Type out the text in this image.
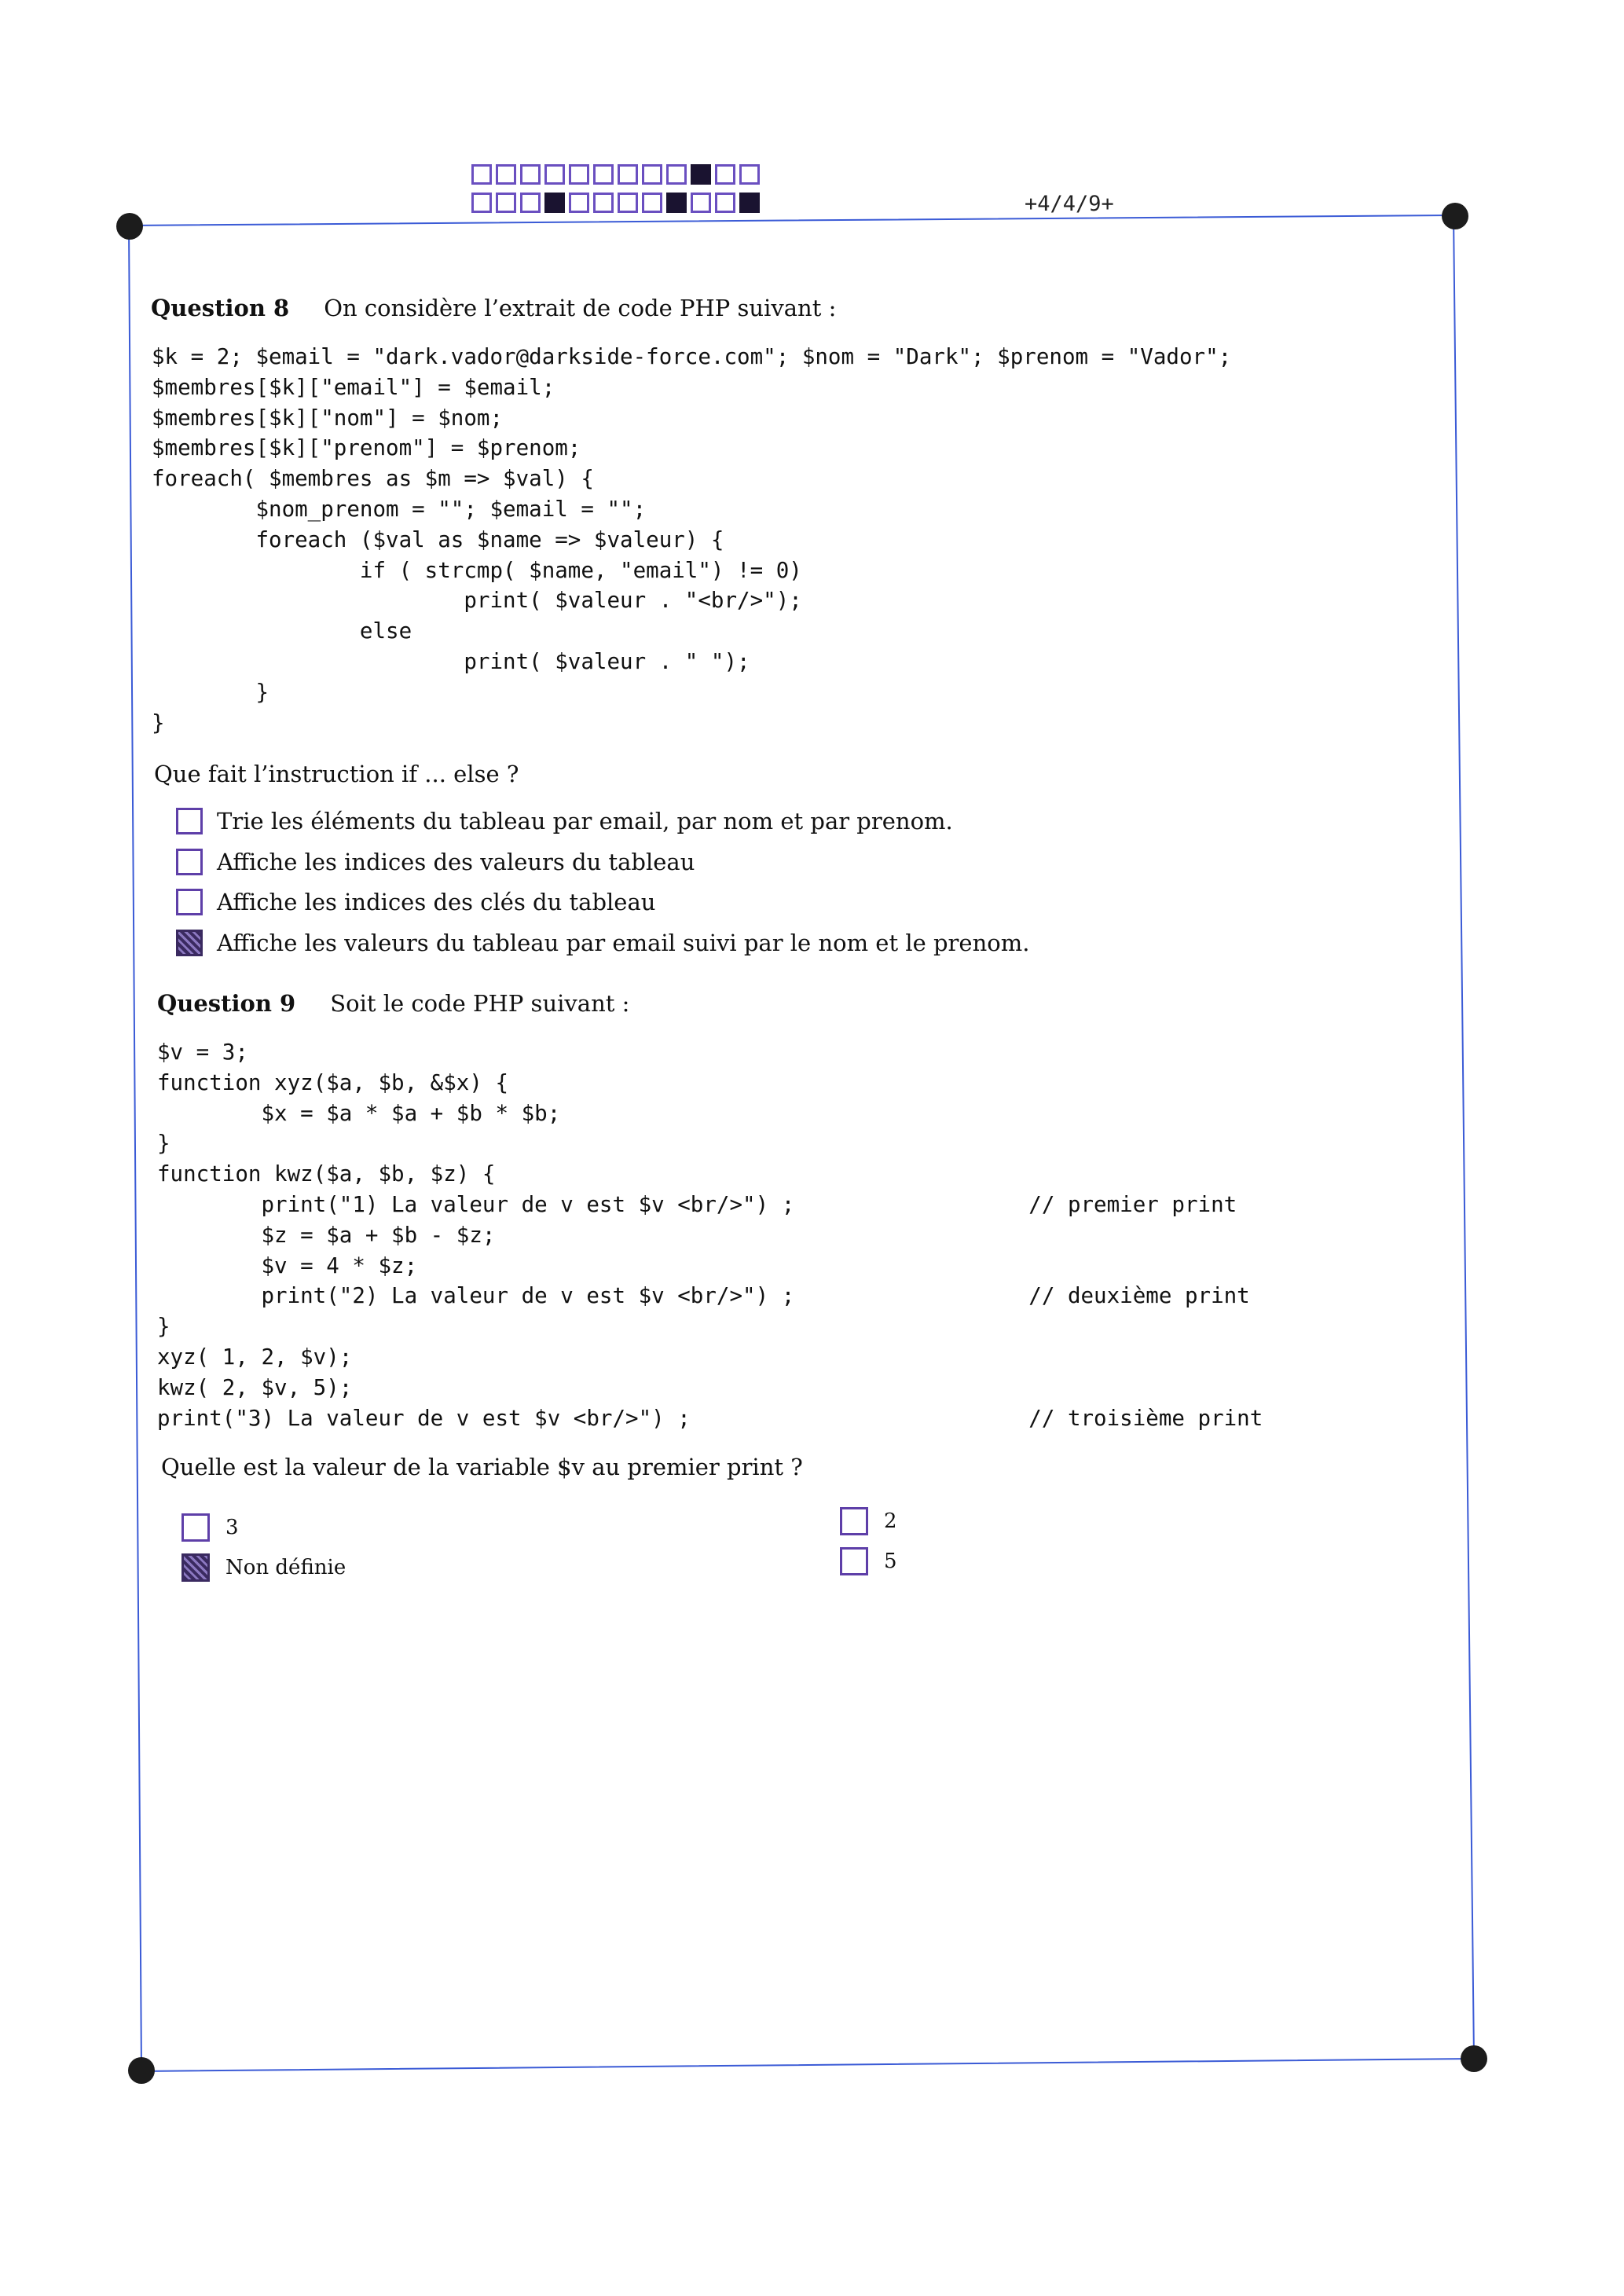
+4/4/9+
Question 8 On considère l’extrait de code PHP suivant :
$k = 2; $email = "dark.vador@darkside-force.com"; $nom = "Dark"; $prenom = "Vador";
$membres[$k]["email"] = $email;
$membres[$k]["nom"] = $nom;
$membres[$k]["prenom"] = $prenom;
foreach( $membres as $m => $val) {
$nom_prenom = ""; $email = "";
foreach ($val as $name => $valeur) {
if ( strcmp( $name, "email") != 0)
print( $valeur . "<br/>");
else
print( $valeur . " ");
}
}
Que fait l’instruction if ... else ?
Trie les éléments du tableau par email, par nom et par prenom.
Affiche les indices des valeurs du tableau
Affiche les indices des clés du tableau
Affiche les valeurs du tableau par email suivi par le nom et le prenom.
Question 9 Soit le code PHP suivant :
$v = 3;
function xyz($a, $b, &$x) {
$x = $a * $a + $b * $b;
}
function kwz($a, $b, $z) {
print("1) La valeur de v est $v <br/>") ;                  // premier print
$z = $a + $b - $z;
$v = 4 * $z;
print("2) La valeur de v est $v <br/>") ;                  // deuxième print
}
xyz( 1, 2, $v);
kwz( 2, $v, 5);
print("3) La valeur de v est $v <br/>") ;                          // troisième print
Quelle est la valeur de la variable $v au premier print ?
3
Non définie
2
5
